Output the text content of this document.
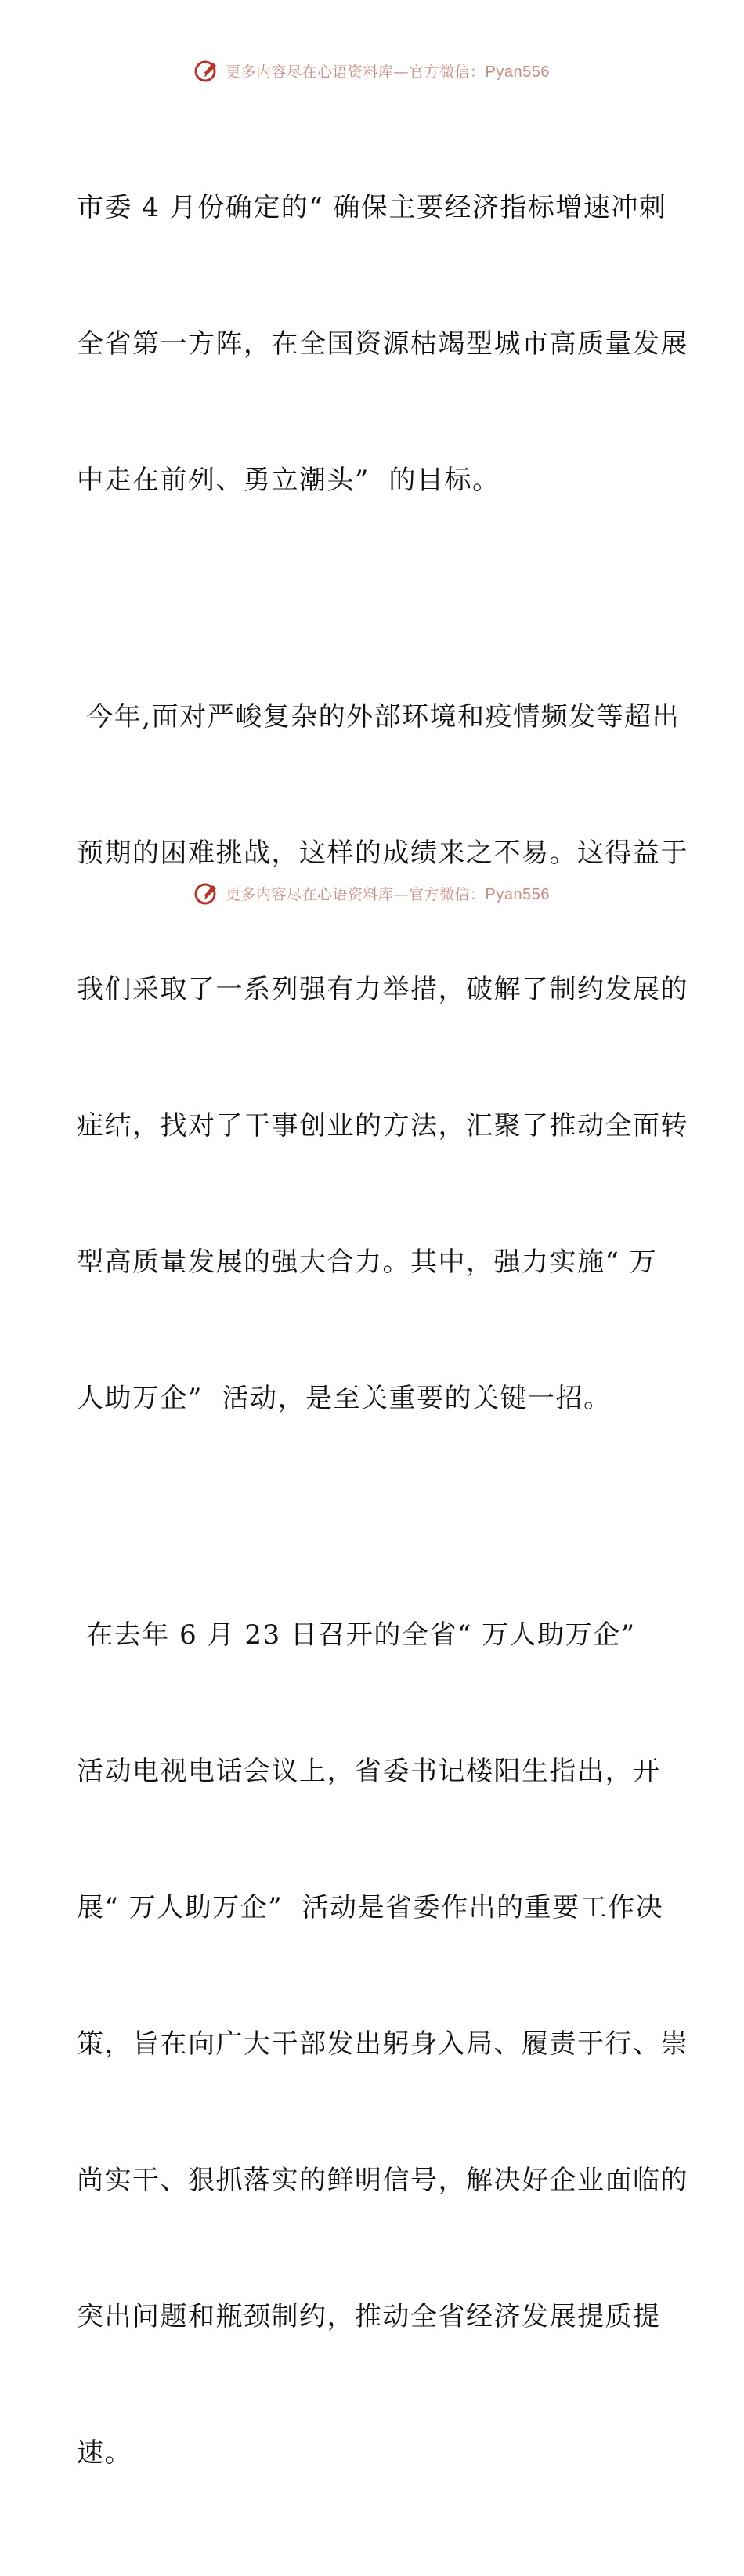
更多内容尽在心语资料库—官方微信：Pyan556

市委 4 月份确定的“ 确保主要经济指标增速冲刺

全省第一方阵，在全国资源枯竭型城市高质量发展

中走在前列、勇立潮头”  的目标。

今年,面对严峻复杂的外部环境和疫情频发等超出

预期的困难挑战，这样的成绩来之不易。这得益于

我们采取了一系列强有力举措，破解了制约发展的

症结，找对了干事创业的方法，汇聚了推动全面转

型高质量发展的强大合力。其中，强力实施“ 万

人助万企”  活动，是至关重要的关键一招。

在去年 6 月 23 日召开的全省“ 万人助万企”

活动电视电话会议上，省委书记楼阳生指出，开

展“ 万人助万企”  活动是省委作出的重要工作决

策，旨在向广大干部发出躬身入局、履责于行、崇

尚实干、狠抓落实的鲜明信号，解决好企业面临的

突出问题和瓶颈制约，推动全省经济发展提质提

速。

更多内容尽在心语资料库—官方微信：Pyan556
